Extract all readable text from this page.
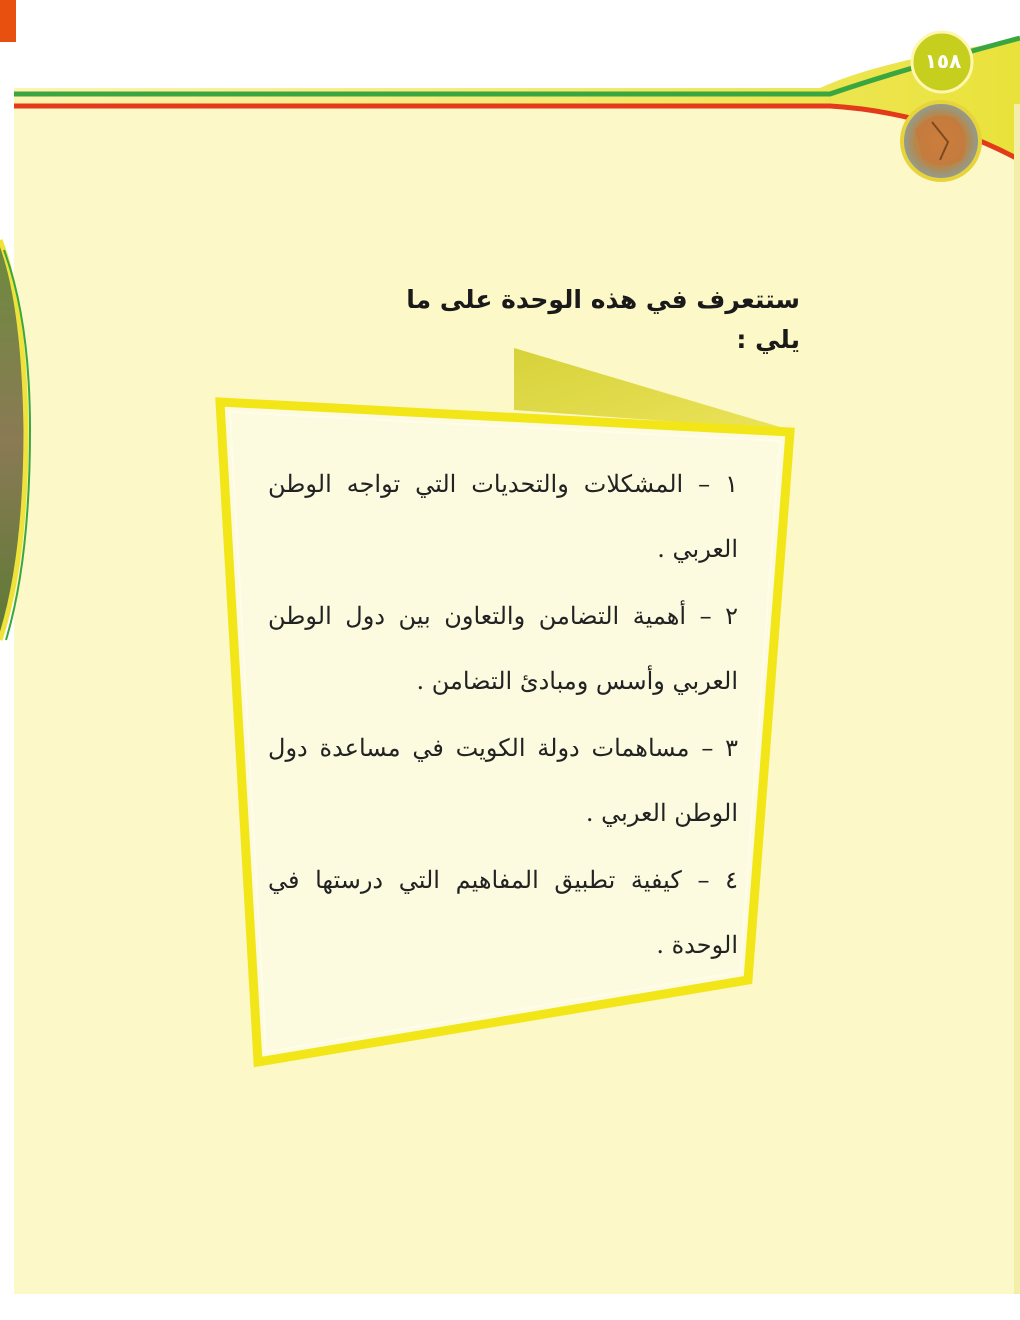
١٥٨
ستتعرف في هذه الوحدة على ما يلي :
١ – المشكلات والتحديات التي تواجه الوطن العربي .
٢ – أهمية التضامن والتعاون بين دول الوطن العربي وأسس ومبادئ التضامن .
٣ – مساهمات دولة الكويت في مساعدة دول الوطن العربي .
٤ – كيفية تطبيق المفاهيم التي درستها في الوحدة .
